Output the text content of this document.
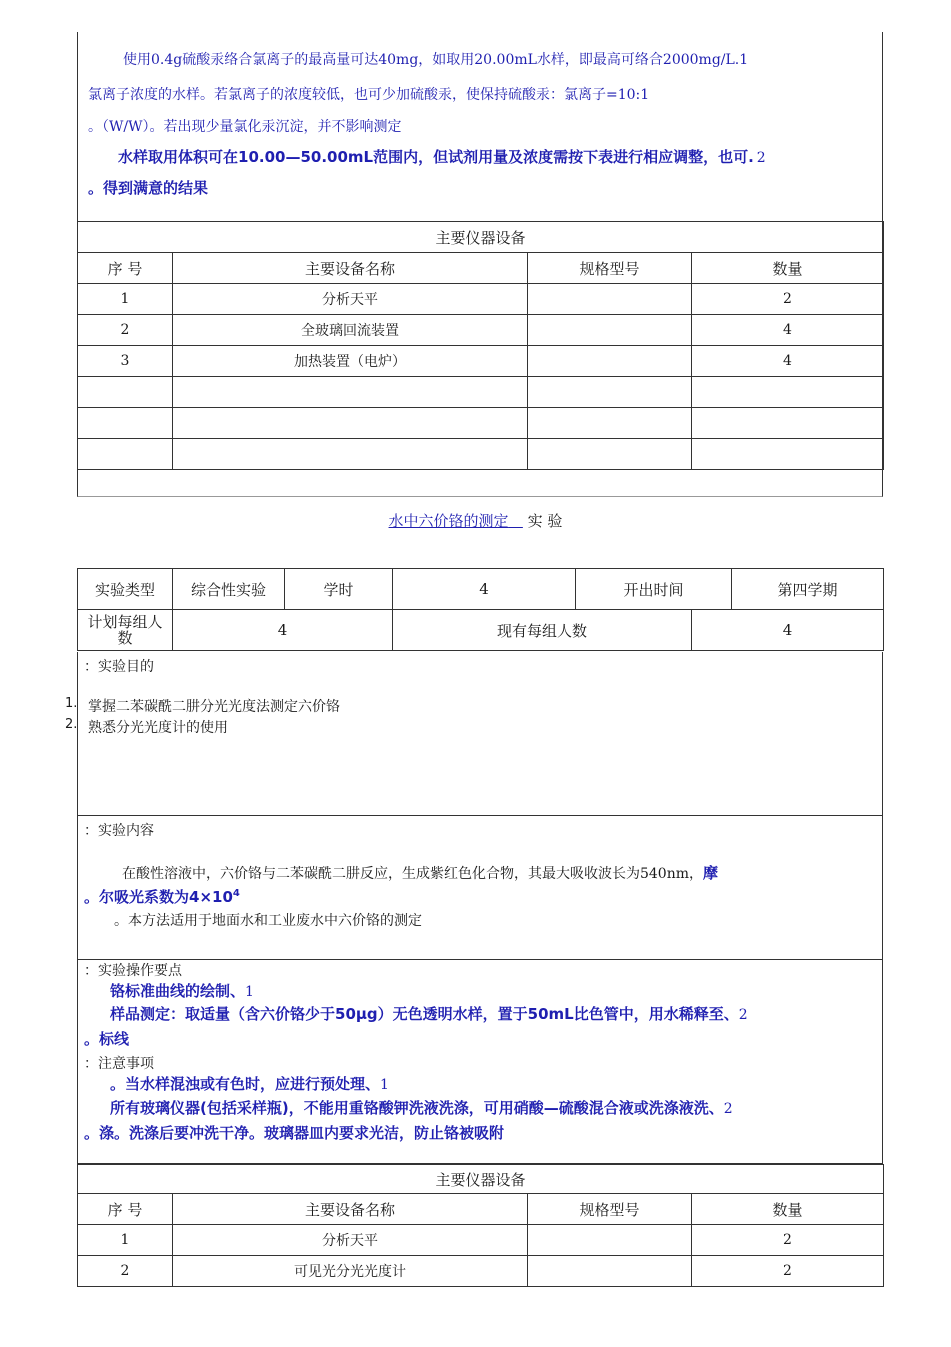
使用0.4g硫酸汞络合氯离子的最高量可达40mg，如取用20.00mL水样，即最高可络合2000mg/L.1
氯离子浓度的水样。若氯离子的浓度较低，也可少加硫酸汞，使保持硫酸汞：氯离子=10:1
。（W/W）。若出现少量氯化汞沉淀，并不影响测定
水样取用体积可在10.00—50.00mL范围内，但试剂用量及浓度需按下表进行相应调整，也可. 2
。得到满意的结果
主要仪器设备			
序 号	主要设备名称	规格型号	数量
1	分析天平		2
2	全玻璃回流装置		4
3	加热装置（电炉）		4

水中六价铬的测定 实 验
实验类型	综合性实验	学时	4	开出时间		第四学期

计划每组人
数	4		现有每组人数		4	
：实验目的
1. 掌握二苯碳酰二肼分光光度法测定六价铬
2. 熟悉分光光度计的使用
：实验内容
在酸性溶液中，六价铬与二苯碳酰二肼反应，生成紫红色化合物，其最大吸收波长为540nm，摩
。尔吸光系数为$4\times 10^4$
。本方法适用于地面水和工业废水中六价铬的测定
：实验操作要点
铬标准曲线的绘制、1
样品测定：取适量（含六价铬少于50μg）无色透明水样，置于50mL比色管中，用水稀释至、2
。标线
：注意事项
。当水样混浊或有色时，应进行预处理、1
所有玻璃仪器(包括采样瓶)，不能用重铬酸钾洗液洗涤，可用硝酸—硫酸混合液或洗涤液洗、2
。涤。洗涤后要冲洗干净。玻璃器皿内要求光洁，防止铬被吸附
主要仪器设备			
序 号	主要设备名称	规格型号	数量
1	分析天平		2
2	可见光分光光度计		2
